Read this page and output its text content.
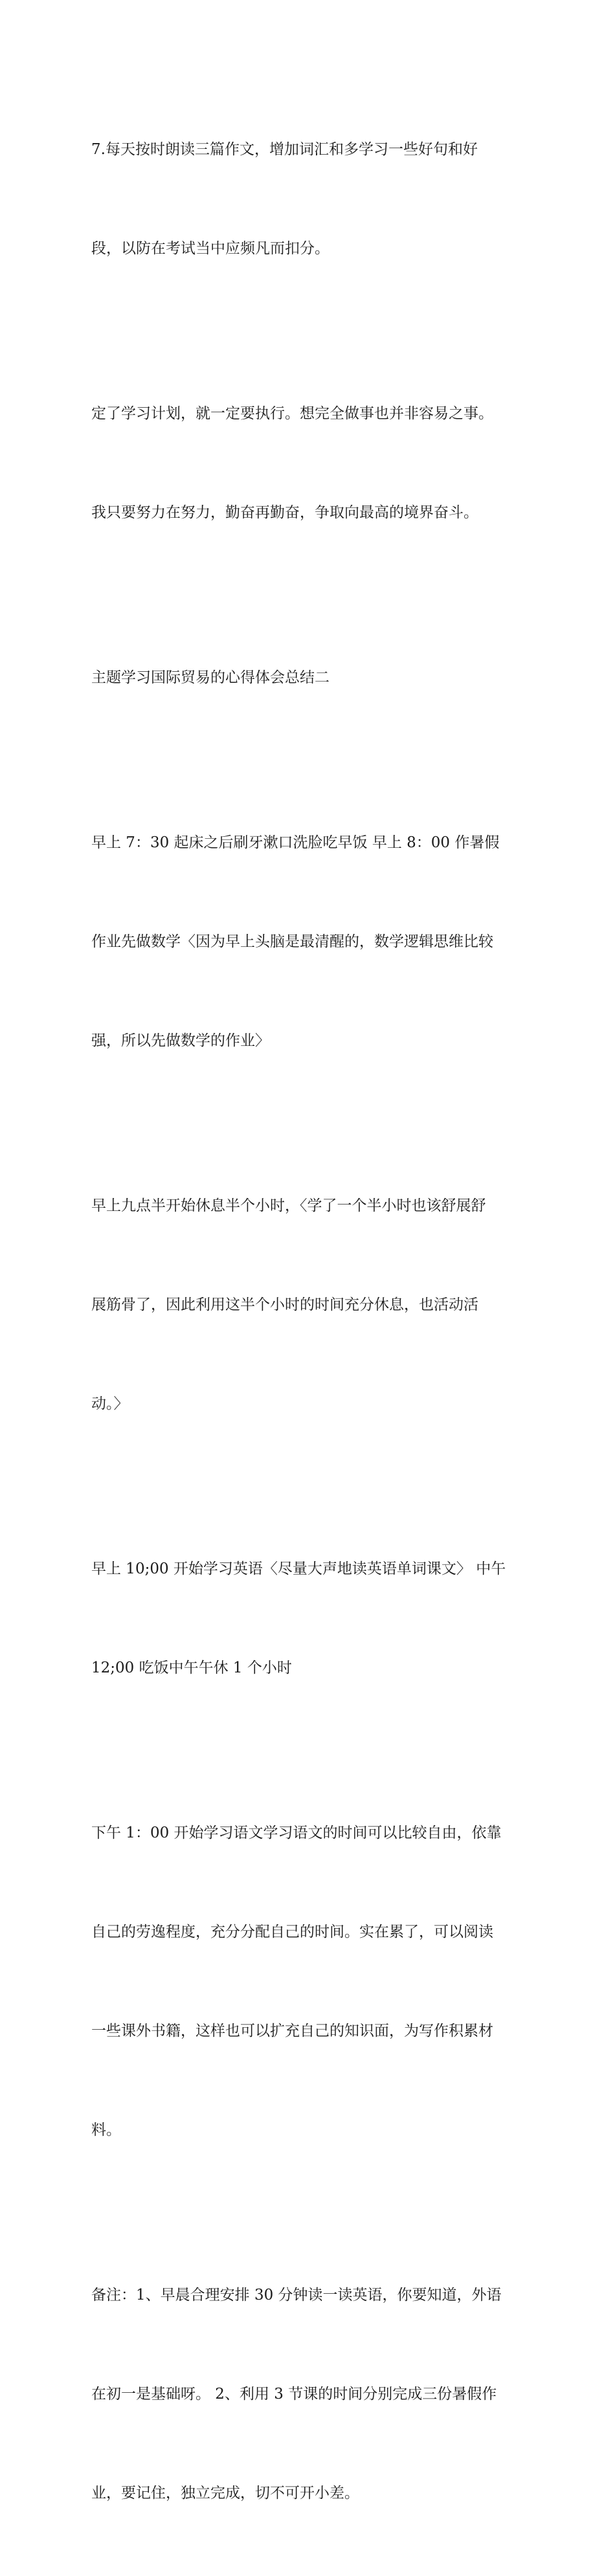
7.每天按时朗读三篇作文，增加词汇和多学习一些好句和好

段，以防在考试当中应频凡而扣分。

定了学习计划，就一定要执行。想完全做事也并非容易之事。

我只要努力在努力，勤奋再勤奋，争取向最高的境界奋斗。

主题学习国际贸易的心得体会总结二

早上 7：30 起床之后刷牙漱口洗脸吃早饭 早上 8：00 作暑假

作业先做数学〈因为早上头脑是最清醒的，数学逻辑思维比较

强，所以先做数学的作业〉

早上九点半开始休息半个小时，〈学了一个半小时也该舒展舒

展筋骨了，因此利用这半个小时的时间充分休息，也活动活

动。〉

早上 10;00 开始学习英语〈尽量大声地读英语单词课文〉 中午

12;00 吃饭中午午休 1 个小时

下午 1：00 开始学习语文学习语文的时间可以比较自由，依靠

自己的劳逸程度，充分分配自己的时间。实在累了，可以阅读

一些课外书籍，这样也可以扩充自己的知识面，为写作积累材

料。

备注：1、早晨合理安排 30 分钟读一读英语，你要知道，外语

在初一是基础呀。 2、利用 3 节课的时间分别完成三份暑假作

业，要记住，独立完成，切不可开小差。
